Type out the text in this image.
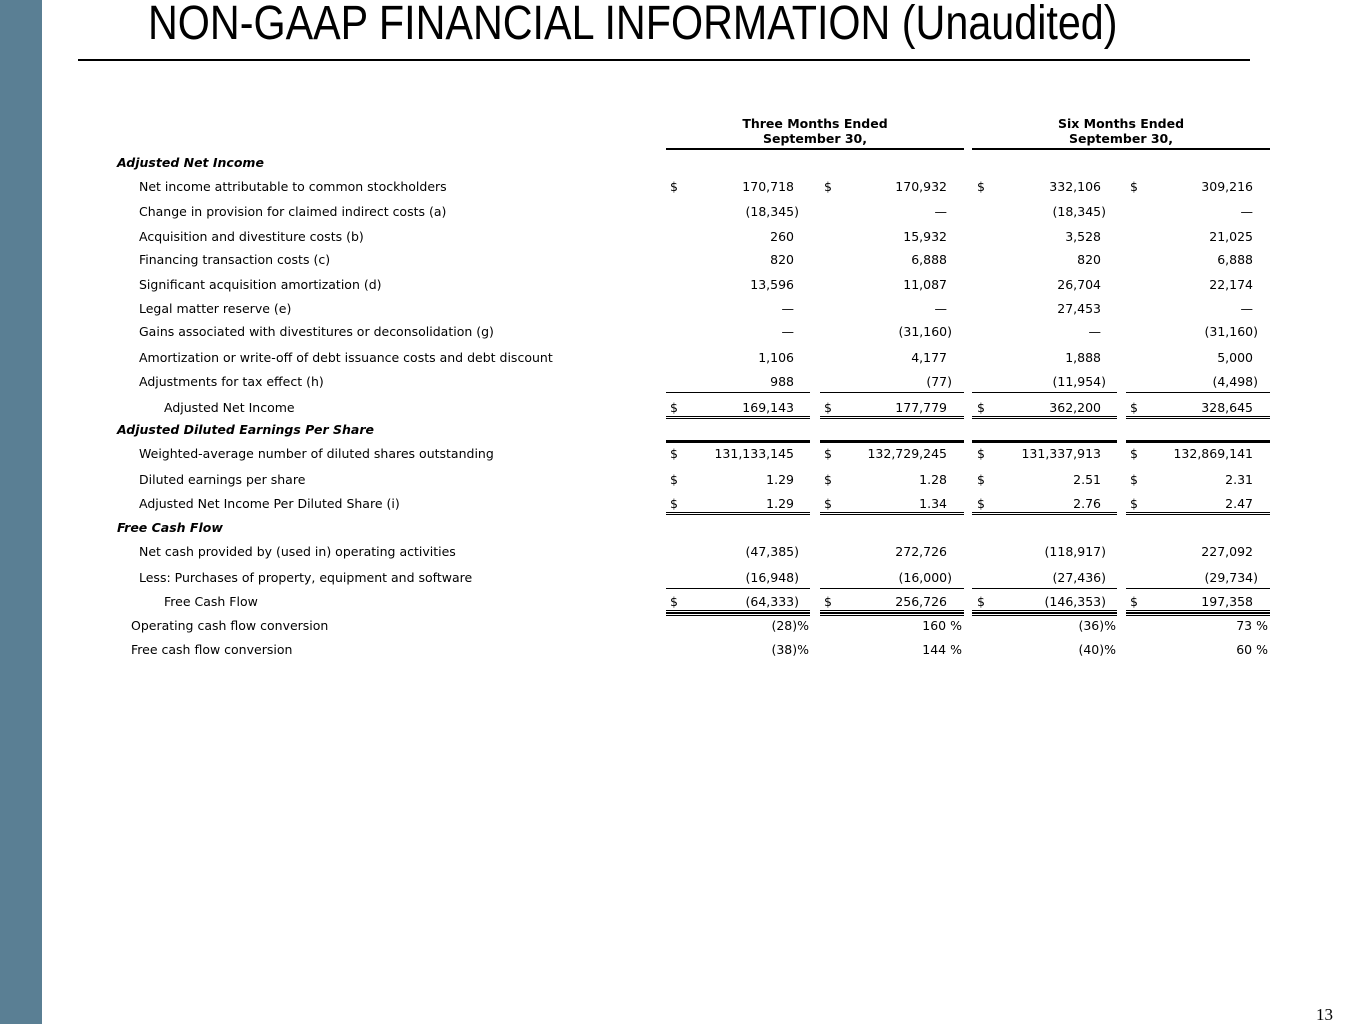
NON-GAAP FINANCIAL INFORMATION (Unaudited)
Three Months Ended
September 30,
Six Months Ended
September 30,
Adjusted Net Income
Net income attributable to common stockholders	$	170,718 $	170,932 $	332,106 $	309,216
Change in provision for claimed indirect costs (a)	(18,345)	—	(18,345)	—
Acquisition and divestiture costs (b)	260	15,932	3,528	21,025
Financing transaction costs (c)	820	6,888	820	6,888
Significant acquisition amortization (d)	13,596	11,087	26,704	22,174
Legal matter reserve (e)	—	—	27,453	—
Gains associated with divestitures or deconsolidation (g)	—	(31,160)	—	(31,160)
Amortization or write-off of debt issuance costs and debt discount	1,106	4,177	1,888	5,000
Adjustments for tax effect (h)	988	(77)	(11,954)	(4,498)
Adjusted Net Income	$	169,143 $	177,779 $	362,200 $	328,645
Adjusted Diluted Earnings Per Share
Weighted-average number of diluted shares outstanding	$	131,133,145 $	132,729,245 $	131,337,913 $	132,869,141
Diluted earnings per share	$	1.29 $	1.28 $	2.51 $	2.31
Adjusted Net Income Per Diluted Share (i)	$	1.29 $	1.34 $	2.76 $	2.47
Free Cash Flow
Net cash provided by (used in) operating activities	(47,385)	272,726	(118,917)	227,092
Less: Purchases of property, equipment and software	(16,948)	(16,000)	(27,436)	(29,734)
Free Cash Flow	$	(64,333) $	256,726 $	(146,353) $	197,358
Operating cash flow conversion	(28)%	160 %	(36)%	73 %
Free cash flow conversion	(38)%	144 %	(40)%	60 %
13
